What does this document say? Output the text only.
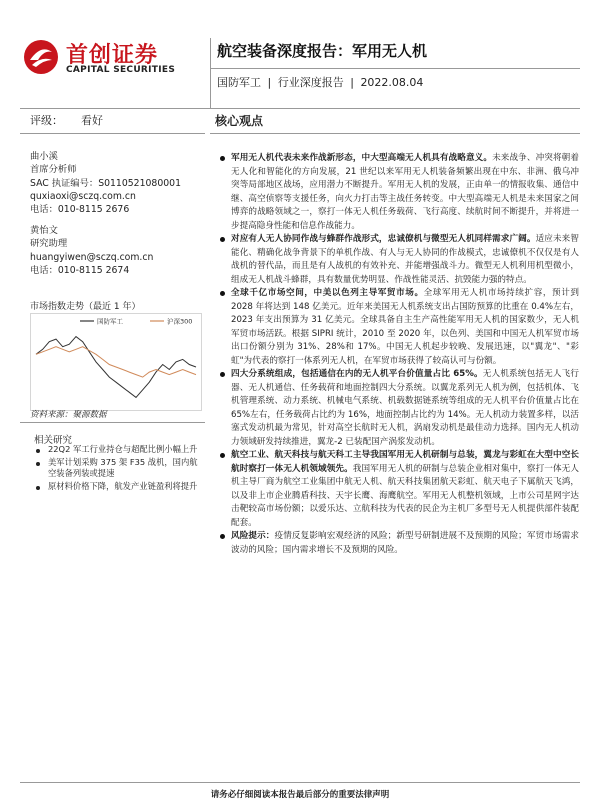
首创证券
CAPITAL SECURITIES
航空装备深度报告：军用无人机
国防军工 | 行业深度报告 | 2022.08.04
评级： 看好	核心观点
曲小溪
首席分析师
SAC 执证编号：S0110521080001
quxiaoxi@sczq.com.cn
电话：010-8115 2676
黄怡文
研究助理
huangyiwen@sczq.com.cn
电话：010-8115 2674
市场指数走势（最近 1 年）
国防军工	沪深300
资料来源：聚源数据
相关研究
22Q2 军工行业持仓与超配比例小幅上升
美军计划采购 375 架 F35 战机，国内航空装备列装或提速
原材料价格下降，航发产业链盈利将提升
军用无人机代表未来作战新形态，中大型高端无人机具有战略意义。未来战争、冲突将朝着无人化和智能化的方向发展，21 世纪以来军用无人机装备频繁出现在中东、非洲、俄乌冲突等局部地区战场，应用潜力不断提升。军用无人机的发展，正由单一的情报收集、通信中继、高空侦察等支援任务，向火力打击等主战任务转变。中大型高端无人机是未来国家之间博弈的战略领域之一，察打一体无人机任务载荷、飞行高度、续航时间不断提升，并将进一步提高隐身性能和信息作战能力。
对应有人无人协同作战与蜂群作战形式，忠诚僚机与微型无人机同样需求广阔。适应未来智能化、精确化战争背景下的单机作战、有人与无人协同的作战模式，忠诚僚机不仅仅是有人战机的替代品，而且是有人战机的有效补充、并能增强战斗力。微型无人机利用机型微小，组成无人机战斗蜂群，具有数量优势明显、作战性能灵活、抗毁能力强的特点。
全球千亿市场空间，中美以色列主导军贸市场。全球军用无人机市场持续扩容，预计到 2028 年将达到 148 亿美元。近年来美国无人机系统支出占国防预算的比重在 0.4%左右，2023 年支出预算为 31 亿美元。全球具备自主生产高性能军用无人机的国家数少，无人机军贸市场活跃。根据 SIPRI 统计，2010 至 2020 年，以色列、美国和中国无人机军贸市场出口份额分别为 31%、28%和 17%。中国无人机起步较晚、发展迅速，以"翼龙"、"彩虹"为代表的察打一体系列无人机，在军贸市场获得了较高认可与份额。
四大分系统组成，包括通信在内的无人机平台价值量占比 65%。无人机系统包括无人飞行器、无人机通信、任务载荷和地面控制四大分系统。以翼龙系列无人机为例，包括机体、飞机管理系统、动力系统、机械电气系统、机载数据链系统等组成的无人机平台价值量占比在 65%左右，任务载荷占比约为 16%，地面控制占比约为 14%。无人机动力装置多样，以活塞式发动机最为常见，针对高空长航时无人机，涡扇发动机是最佳动力选择。国内无人机动力领域研发持续推进，翼龙-2 已装配国产涡浆发动机。
航空工业、航天科技与航天科工主导我国军用无人机研制与总装，翼龙与彩虹在大型中空长航时察打一体无人机领域领先。我国军用无人机的研制与总装企业相对集中，察打一体无人机主导厂商为航空工业集团中航无人机、航天科技集团航天彩虹、航天电子下属航天飞鸿，以及非上市企业腾盾科技、天宇长鹰、海鹰航空。军用无人机整机领域，上市公司星网宇达击靶较高市场份额；以爱乐达、立航科技为代表的民企为主机厂多型号无人机提供部件装配配套。
风险提示：疫情反复影响宏观经济的风险；新型号研制进展不及预期的风险；军贸市场需求波动的风险；国内需求增长不及预期的风险。
请务必仔细阅读本报告最后部分的重要法律声明
